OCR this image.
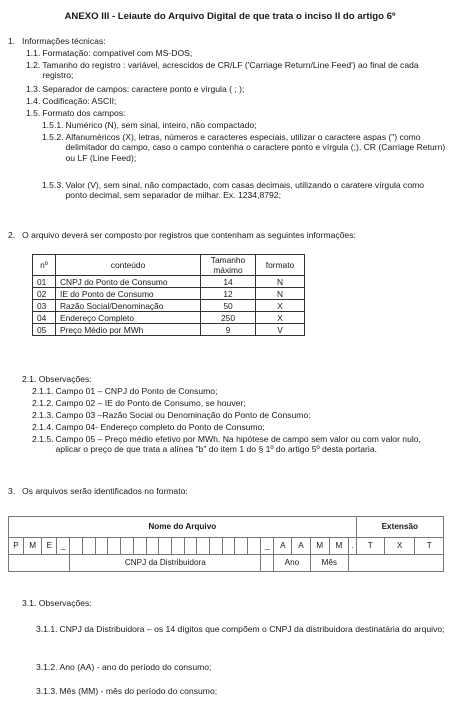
ANEXO III - Leiaute do Arquivo Digital de que trata o inciso II do artigo 6º
1. Informações técnicas:
1.1. Formatação: compatível com MS-DOS;
1.2. Tamanho do registro : variável, acrescidos de CR/LF ('Carriage Return/Line Feed') ao final de cada registro;
1.3. Separador de campos: caractere ponto e vírgula ( ; );
1.4. Codificação: ASCII;
1.5. Formato dos campos:
1.5.1. Numérico (N), sem sinal, inteiro, não compactado;
1.5.2. Alfanuméricos (X), letras, números e caracteres especiais, utilizar o caractere aspas (") como delimitador do campo, caso o campo contenha o caractere ponto e vírgula (;), CR (Carriage Return) ou LF (Line Feed);
1.5.3. Valor (V), sem sinal, não compactado, com casas decimais, utilizando o caratere vírgula como ponto decimal, sem separador de milhar. Ex. 1234,8792;
2. O arquivo deverá ser composto por registros que contenham as seguintes informações:
nº	conteúdo	Tamanho máximo	formato
01	CNPJ do Ponto de Consumo	14	N
02	IE do Ponto de Consumo	12	N
03	Razão Social/Denominação	50	X
04	Endereço Completo	250	X
05	Preço Médio por MWh	9	V
2.1. Observações:
2.1.1. Campo 01 – CNPJ do Ponto de Consumo;
2.1.2. Campo 02 – IE do Ponto de Consumo, se houver;
2.1.3. Campo 03 –Razão Social ou Denominação do Ponto de Consumo:
2.1.4. Campo 04- Endereço completo do Ponto de Consumo;
2.1.5. Campo 05 – Preço médio efetivo por MWh. Na hipótese de campo sem valor ou com valor nulo, aplicar o preço de que trata a alínea "b" do item 1 do § 1º do artigo 5º desta portaria.
3. Os arquivos serão identificados no formato:
Nome do Arquivo																									Extensão		
P	M	E	_																_	A	A	M	M	.	T	X	T
				CNPJ da Distribuidora																Ano		Mês					
3.1. Observações:
3.1.1. CNPJ da Distribuidora – os 14 dígitos que compõem o CNPJ da distribuidora destinatária do arquivo;
3.1.2. Ano (AA) - ano do período do consumo;
3.1.3. Mês (MM) - mês do período do consumo;
